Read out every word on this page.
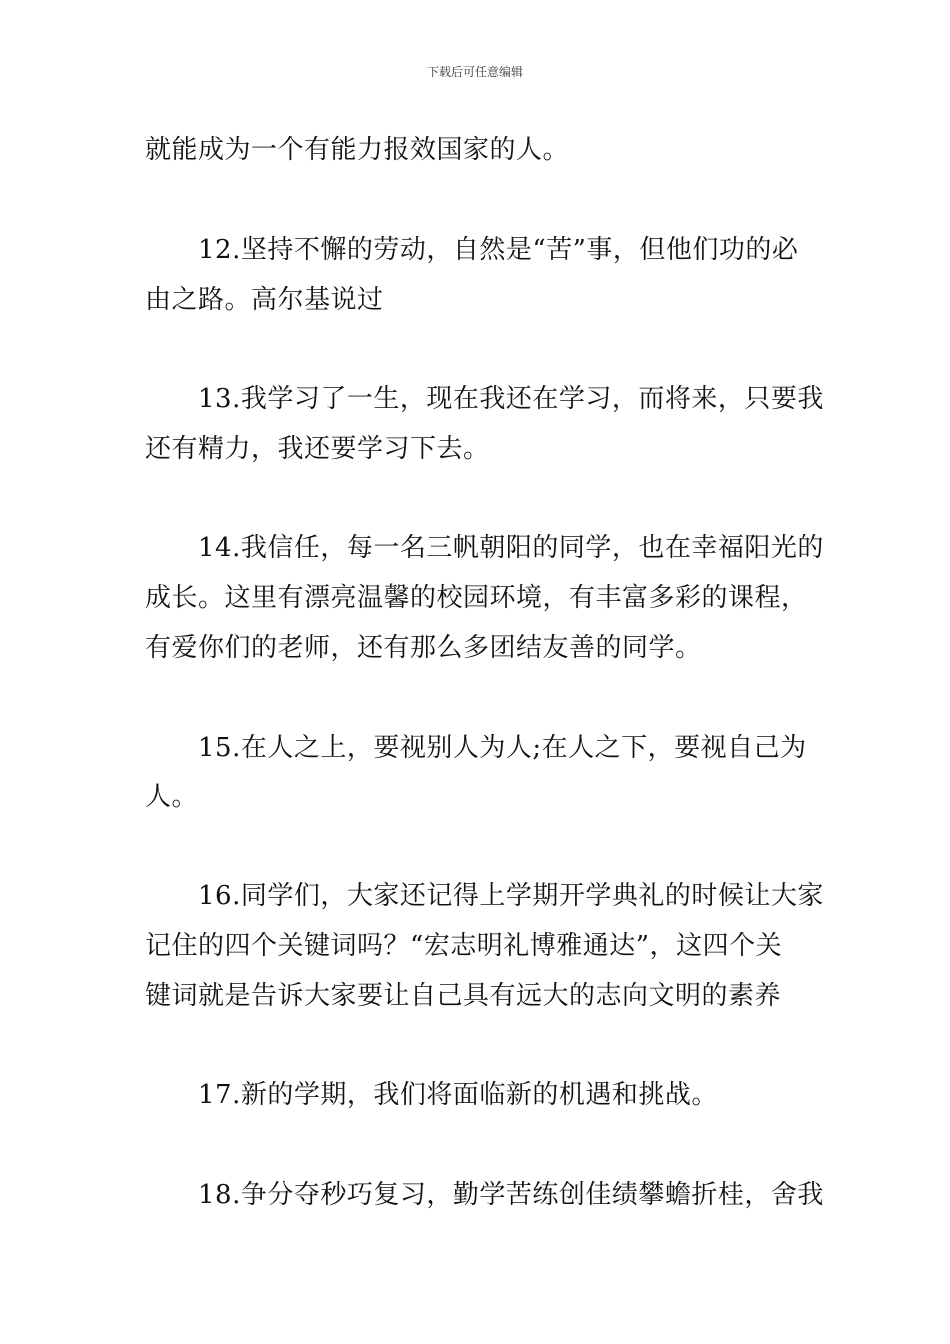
下载后可任意编辑
就能成为一个有能力报效国家的人。
12.坚持不懈的劳动，自然是“苦”事，但他们功的必
由之路。高尔基说过
13.我学习了一生，现在我还在学习，而将来，只要我
还有精力，我还要学习下去。
14.我信任，每一名三帆朝阳的同学，也在幸福阳光的
成长。这里有漂亮温馨的校园环境，有丰富多彩的课程，
有爱你们的老师，还有那么多团结友善的同学。
15.在人之上，要视别人为人;在人之下，要视自己为
人。
16.同学们，大家还记得上学期开学典礼的时候让大家
记住的四个关键词吗？“宏志明礼博雅通达”，这四个关
键词就是告诉大家要让自己具有远大的志向文明的素养
17.新的学期，我们将面临新的机遇和挑战。
18.争分夺秒巧复习，勤学苦练创佳绩攀蟾折桂，舍我
